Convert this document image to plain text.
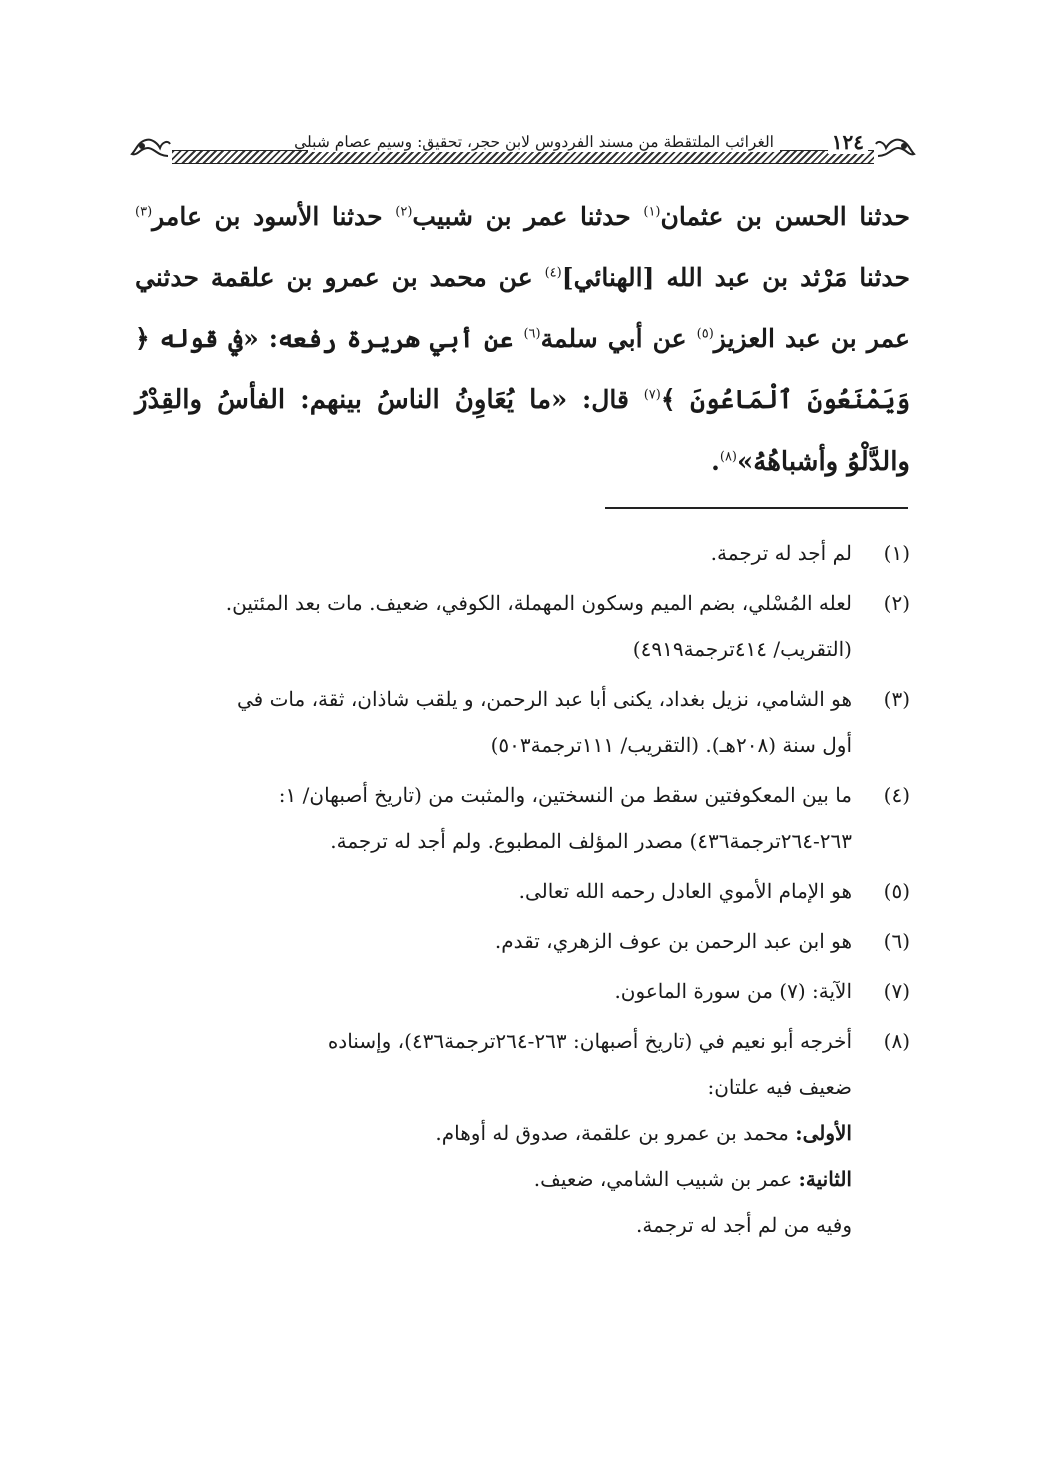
الغرائب الملتقطة من مسند الفردوس لابن حجر، تحقيق: وسيم عصام شبلي	١٢٤

حدثنا الحسن بن عثمان$^{(١)}$ حدثنا عمر بن شبيب$^{(٢)}$ حدثنا الأسود بن عامر$^{(٣)}$ حدثنا مَرْثد بن عبد الله [الهنائي]$^{(٤)}$ عن محمد بن عمرو بن علقمة حدثني عمر بن عبد العزيز$^{(٥)}$ عن أبي سلمة$^{(٦)}$ عن أبي هريرة رفعه: «في قوله ﴿ وَيَمْنَعُونَ ٱلْمَاعُونَ ﴾$^{(٧)}$ قال: «ما يُعَاوِنُ الناسُ بينهم: الفأسُ والقِدْرُ والدَّلْوُ وأشباهُهُ»$^{(٨)}$.

(١)
لم أجد له ترجمة.
(٢)
لعله المُسْلي، بضم الميم وسكون المهملة، الكوفي، ضعيف. مات بعد المئتين.
(التقريب/ ٤١٤ترجمة٤٩١٩)
(٣)
هو الشامي، نزيل بغداد، يكنى أبا عبد الرحمن، و يلقب شاذان، ثقة، مات في
أول سنة (٢٠٨هـ). (التقريب/ ١١١ترجمة٥٠٣)
(٤)
ما بين المعكوفتين سقط من النسختين، والمثبت من (تاريخ أصبهان/ ١:
٢٦٣-٢٦٤ترجمة٤٣٦) مصدر المؤلف المطبوع. ولم أجد له ترجمة.
(٥)
هو الإمام الأموي العادل رحمه الله تعالى.
(٦)
هو ابن عبد الرحمن بن عوف الزهري، تقدم.
(٧)
الآية: (٧) من سورة الماعون.
(٨)
أخرجه أبو نعيم في (تاريخ أصبهان: ٢٦٣-٢٦٤ترجمة٤٣٦)، وإسناده
ضعيف فيه علتان:
الأولى: محمد بن عمرو بن علقمة، صدوق له أوهام.
الثانية: عمر بن شبيب الشامي، ضعيف.
وفيه من لم أجد له ترجمة.
